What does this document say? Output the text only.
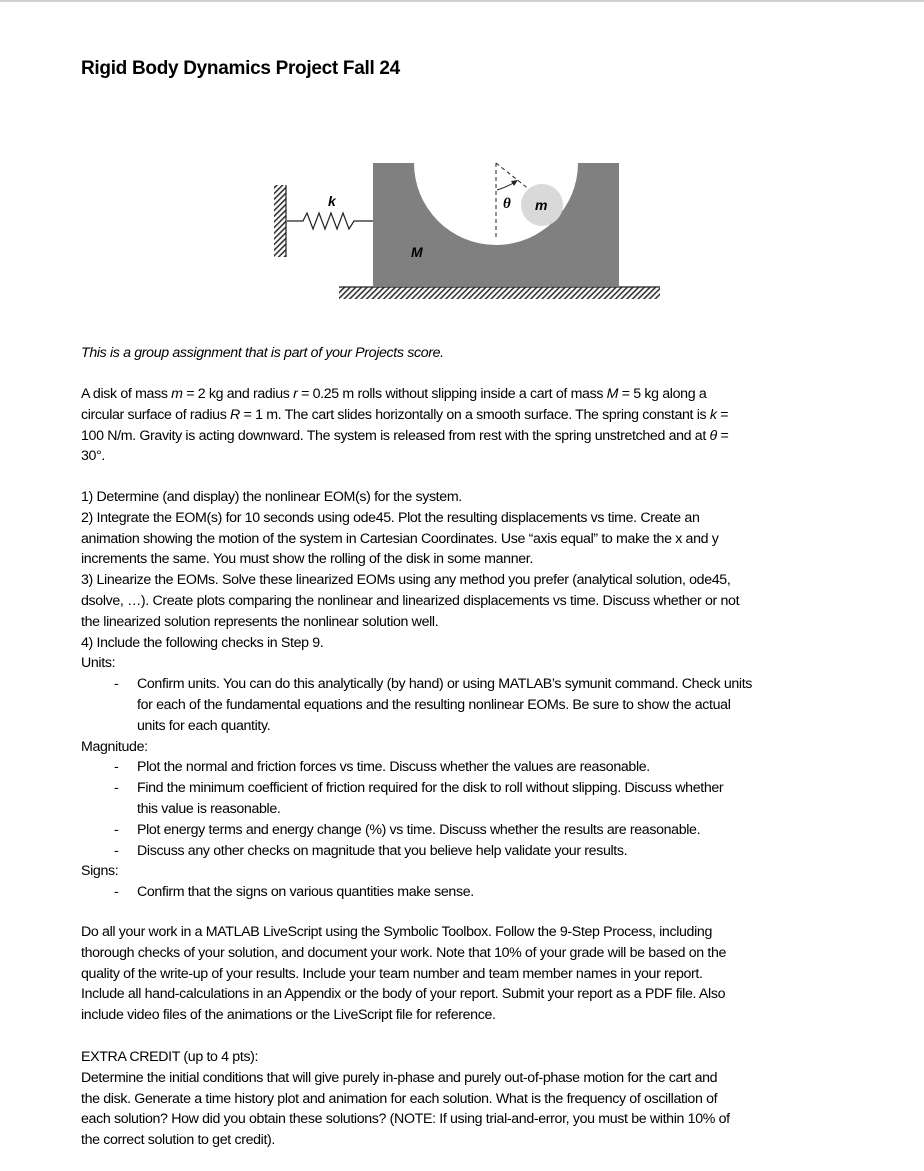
Rigid Body Dynamics Project Fall 24
k
M
θ m
This is a group assignment that is part of your Projects score.
A disk of mass m = 2 kg and radius r = 0.25 m rolls without slipping inside a cart of mass M = 5 kg along a
circular surface of radius R = 1 m. The cart slides horizontally on a smooth surface. The spring constant is k =
100 N/m. Gravity is acting downward. The system is released from rest with the spring unstretched and at θ =
30°.
1) Determine (and display) the nonlinear EOM(s) for the system.
2) Integrate the EOM(s) for 10 seconds using ode45. Plot the resulting displacements vs time. Create an
animation showing the motion of the system in Cartesian Coordinates. Use “axis equal” to make the x and y
increments the same. You must show the rolling of the disk in some manner.
3) Linearize the EOMs. Solve these linearized EOMs using any method you prefer (analytical solution, ode45,
dsolve, …). Create plots comparing the nonlinear and linearized displacements vs time. Discuss whether or not
the linearized solution represents the nonlinear solution well.
4) Include the following checks in Step 9.
Units:
- Confirm units. You can do this analytically (by hand) or using MATLAB’s symunit command. Check units
for each of the fundamental equations and the resulting nonlinear EOMs. Be sure to show the actual
units for each quantity.
Magnitude:
- Plot the normal and friction forces vs time. Discuss whether the values are reasonable.
- Find the minimum coefficient of friction required for the disk to roll without slipping. Discuss whether
this value is reasonable.
- Plot energy terms and energy change (%) vs time. Discuss whether the results are reasonable.
- Discuss any other checks on magnitude that you believe help validate your results.
Signs:
- Confirm that the signs on various quantities make sense.
Do all your work in a MATLAB LiveScript using the Symbolic Toolbox. Follow the 9-Step Process, including
thorough checks of your solution, and document your work. Note that 10% of your grade will be based on the
quality of the write-up of your results. Include your team number and team member names in your report.
Include all hand-calculations in an Appendix or the body of your report. Submit your report as a PDF file. Also
include video files of the animations or the LiveScript file for reference.
EXTRA CREDIT (up to 4 pts):
Determine the initial conditions that will give purely in-phase and purely out-of-phase motion for the cart and
the disk. Generate a time history plot and animation for each solution. What is the frequency of oscillation of
each solution? How did you obtain these solutions? (NOTE: If using trial-and-error, you must be within 10% of
the correct solution to get credit).
